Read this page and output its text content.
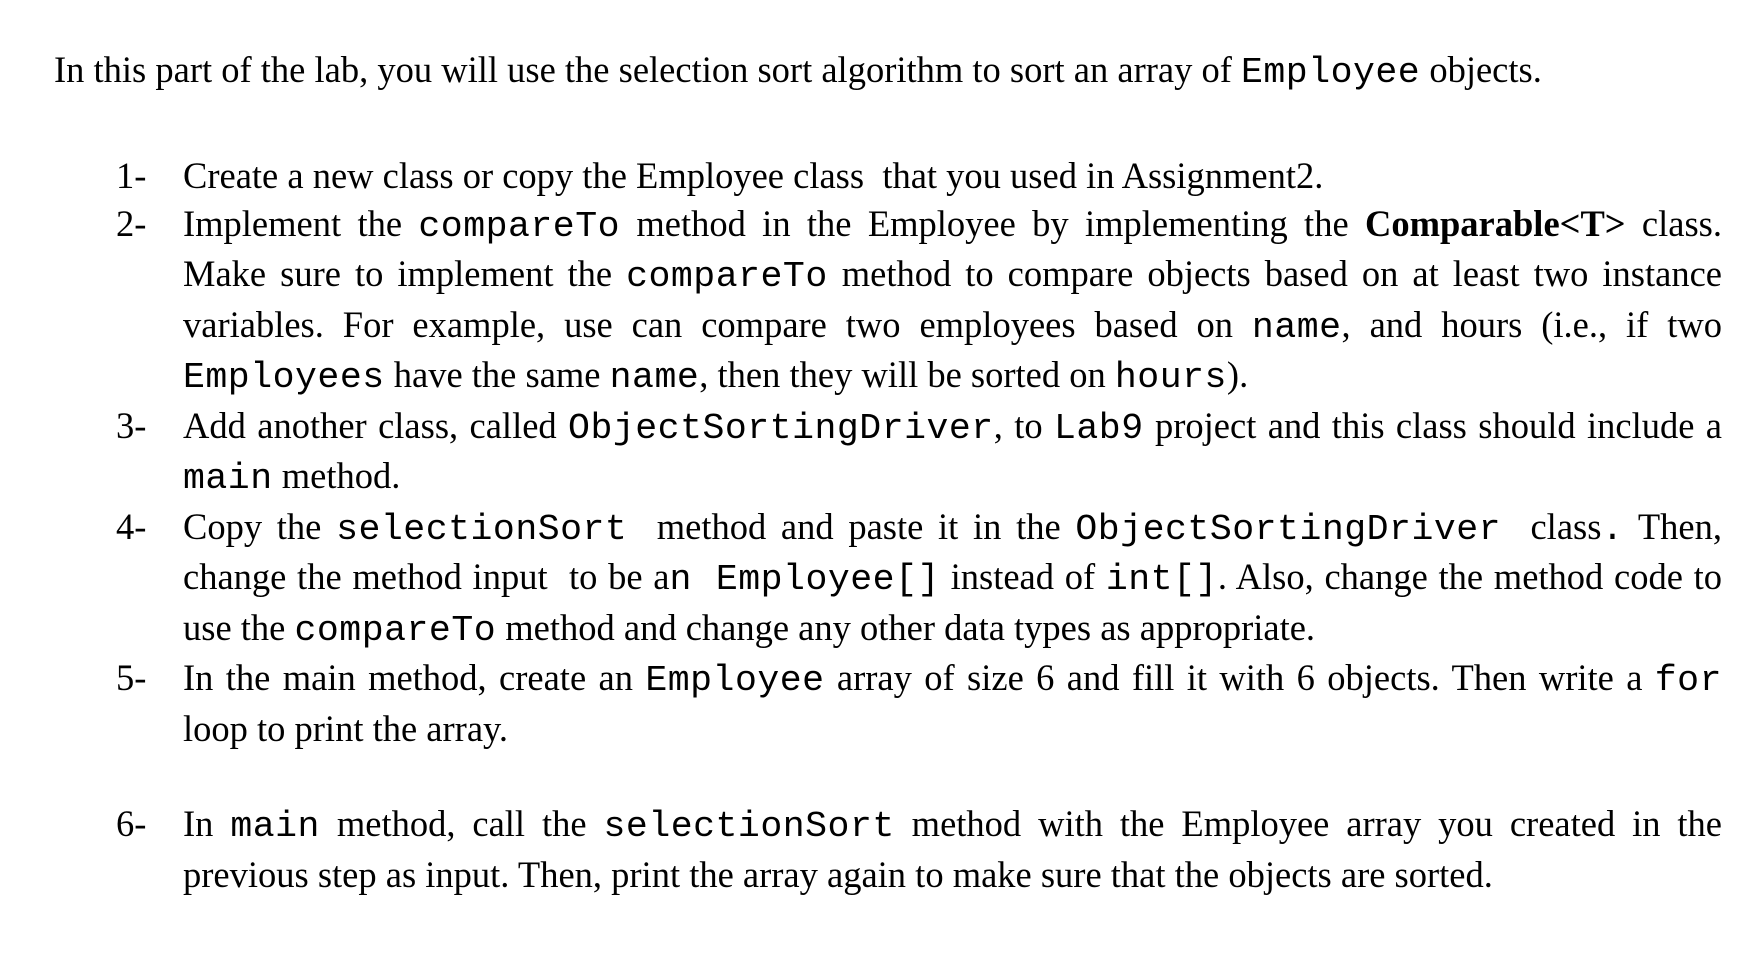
In this part of the lab, you will use the selection sort algorithm to sort an array of Employee objects.

1-	Create a new class or copy the Employee class  that you used in Assignment2.
2-	Implement the compareTo method in the Employee by implementing the Comparable<T> class.  Make sure to implement the compareTo method to compare objects based on at least two instance variables. For example, use can compare two employees based on name, and hours (i.e., if two Employees have the same name, then they will be sorted on hours).
3-	Add another class, called ObjectSortingDriver, to Lab9 project and this class should include a main method.
4-	Copy the selectionSort  method and paste it in the ObjectSortingDriver  class. Then, change the method input  to be an Employee[] instead of int[]. Also, change the method code to use the compareTo method and change any other data types as appropriate.
5-	In the main method, create an Employee array of size 6 and fill it with 6 objects. Then write a for  loop to print the array.
6-	In main method, call the selectionSort method with the Employee array you created in the previous step as input. Then, print the array again to make sure that the objects are sorted.
